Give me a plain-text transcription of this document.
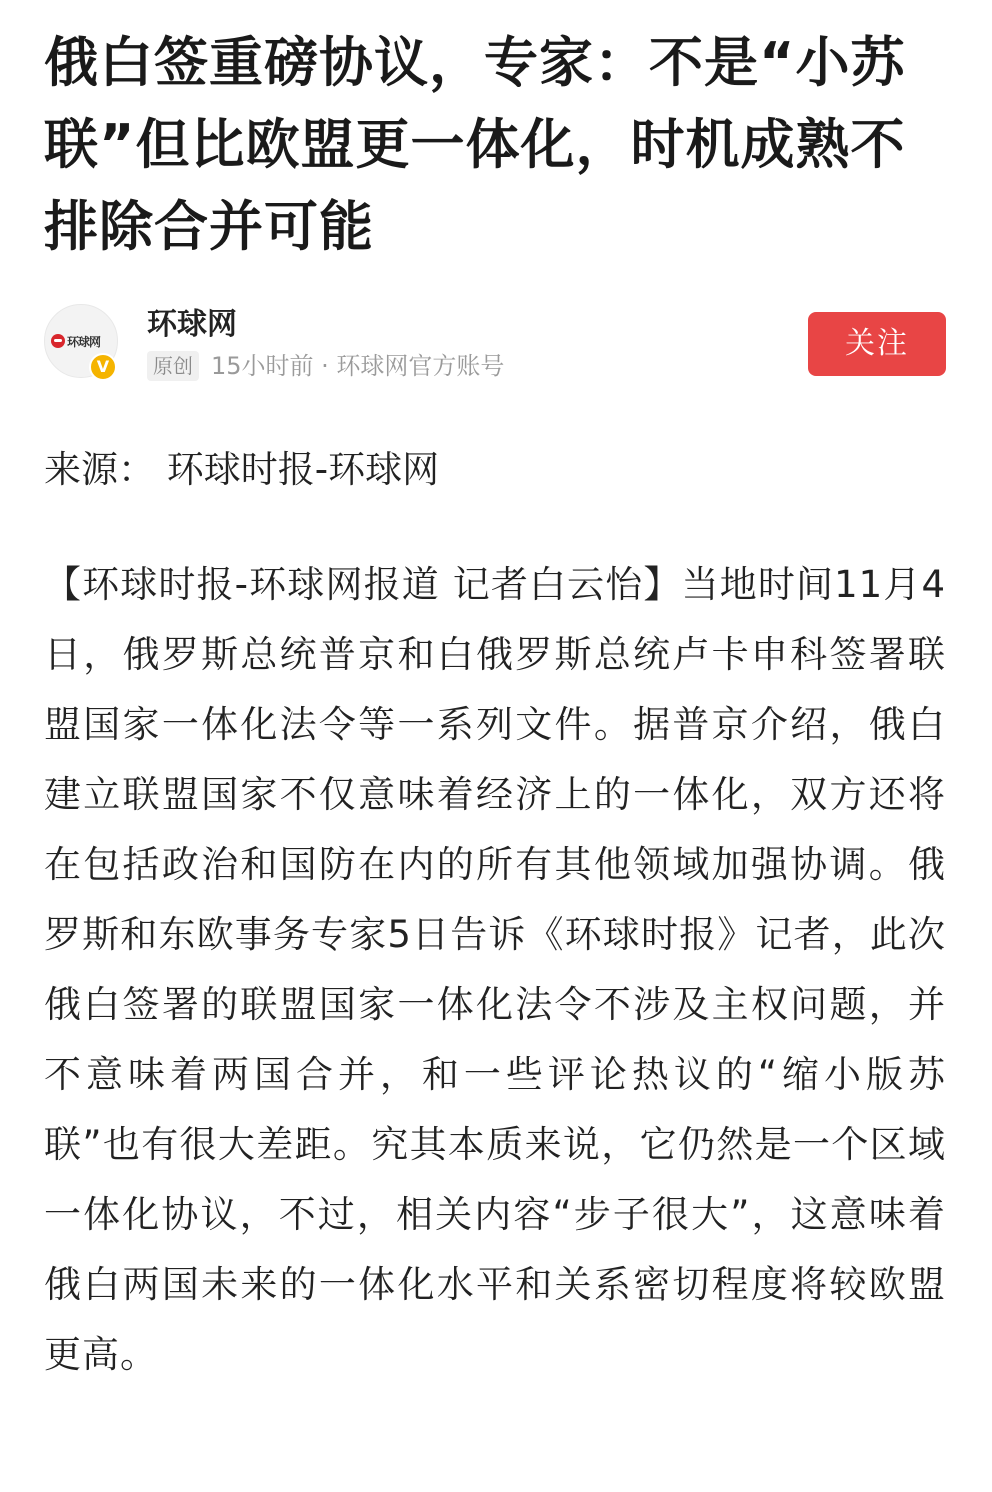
俄白签重磅协议，专家：不是“小苏联”但比欧盟更一体化，时机成熟不排除合并可能
环球网
V
环球网
原创 15小时前 · 环球网官方账号
关注
来源： 环球时报-环球网

【环球时报-环球网报道 记者白云怡】当地时间11月4日，俄罗斯总统普京和白俄罗斯总统卢卡申科签署联盟国家一体化法令等一系列文件。据普京介绍，俄白建立联盟国家不仅意味着经济上的一体化，双方还将在包括政治和国防在内的所有其他领域加强协调。俄罗斯和东欧事务专家5日告诉《环球时报》记者，此次俄白签署的联盟国家一体化法令不涉及主权问题，并不意味着两国合并，和一些评论热议的“缩小版苏联”也有很大差距。究其本质来说，它仍然是一个区域一体化协议，不过，相关内容“步子很大”，这意味着俄白两国未来的一体化水平和关系密切程度将较欧盟更高。
